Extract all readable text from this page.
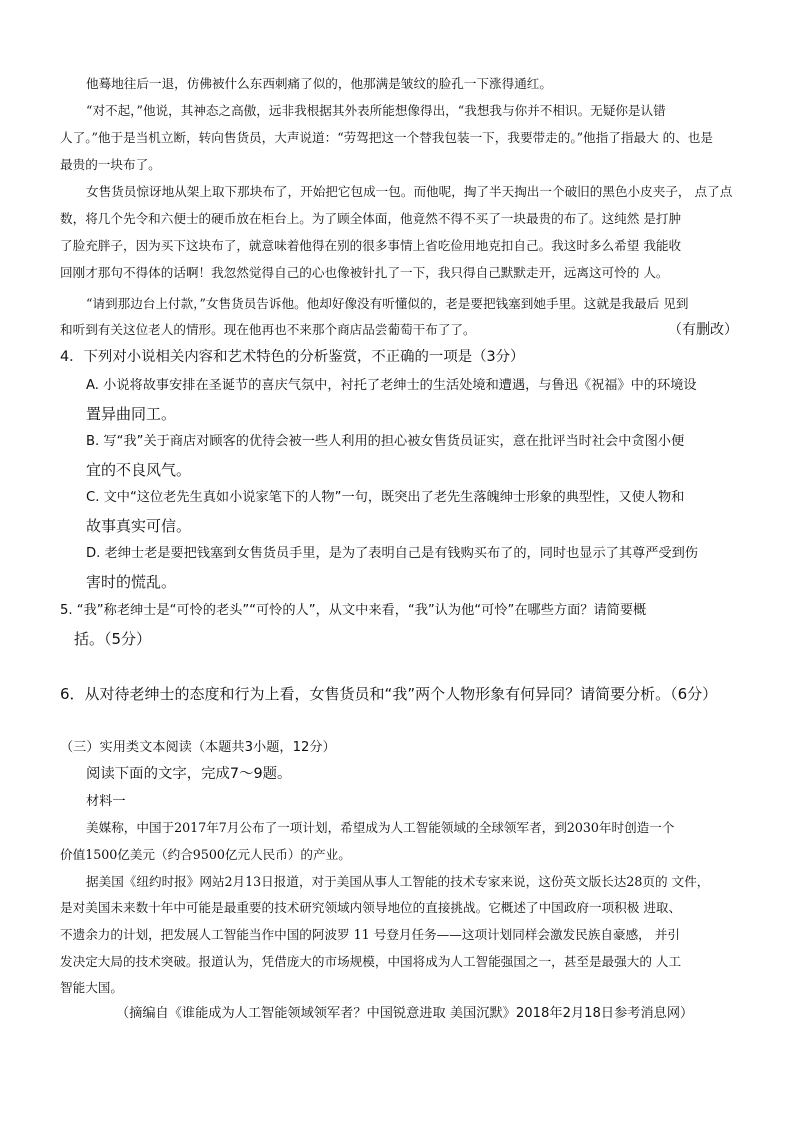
他蓦地往后一退，仿佛被什么东西刺痛了似的，他那满是皱纹的脸孔一下涨得通红。
“对不起，”他说，其神态之高傲，远非我根据其外表所能想像得出，“我想我与你并不相识。无疑你是认错
人了。”他于是当机立断，转向售货员，大声说道：“劳驾把这一个替我包装一下，我要带走的。”他指了指最大 的、也是
最贵的一块布了。
女售货员惊讶地从架上取下那块布了，开始把它包成一包。而他呢，掏了半天掏出一个破旧的黑色小皮夹子， 点了点
数，将几个先令和六便士的硬币放在柜台上。为了顾全体面，他竟然不得不买了一块最贵的布了。这纯然 是打肿
了脸充胖子，因为买下这块布了，就意味着他得在别的很多事情上省吃俭用地克扣自己。我这时多么希望 我能收
回刚才那句不得体的话啊！我忽然觉得自己的心也像被针扎了一下，我只得自己默默走开，远离这可怜的 人。
“请到那边台上付款，”女售货员告诉他。他却好像没有听懂似的，老是要把钱塞到她手里。这就是我最后 见到
和听到有关这位老人的情形。现在他再也不来那个商店品尝葡萄干布了了。	（有删改）
4．下列对小说相关内容和艺术特色的分析鉴赏，不正确的一项是（3分）
A. 小说将故事安排在圣诞节的喜庆气氛中，衬托了老绅士的生活处境和遭遇，与鲁迅《祝福》中的环境设
置异曲同工。
B. 写“我”关于商店对顾客的优待会被一些人利用的担心被女售货员证实，意在批评当时社会中贪图小便
宜的不良风气。
C. 文中“这位老先生真如小说家笔下的人物”一句，既突出了老先生落魄绅士形象的典型性，又使人物和
故事真实可信。
D. 老绅士老是要把钱塞到女售货员手里，是为了表明自己是有钱购买布了的，同时也显示了其尊严受到伤
害时的慌乱。
5. “我”称老绅士是“可怜的老头”“可怜的人”，从文中来看，“我”认为他“可怜”在哪些方面？请简要概
括。（5分）
6．从对待老绅士的态度和行为上看，女售货员和“我”两个人物形象有何异同？请简要分析。（6分）
（三）实用类文本阅读（本题共3小题，12分）
阅读下面的文字，完成7～9题。
材料一
美媒称，中国于2017年7月公布了一项计划，希望成为人工智能领域的全球领军者，到2030年时创造一个
价值1500亿美元（约合9500亿元人民币）的产业。
据美国《纽约时报》网站2月13日报道，对于美国从事人工智能的技术专家来说，这份英文版长达28页的 文件，
是对美国未来数十年中可能是最重要的技术研究领域内领导地位的直接挑战。它概述了中国政府一项积极 进取、
不遗余力的计划，把发展人工智能当作中国的阿波罗 11 号登月任务——这项计划同样会激发民族自豪感， 并引
发决定大局的技术突破。报道认为，凭借庞大的市场规模，中国将成为人工智能强国之一，甚至是最强大的 人工
智能大国。
（摘编自《谁能成为人工智能领域领军者？中国锐意进取 美国沉默》2018年2月18日参考消息网）
